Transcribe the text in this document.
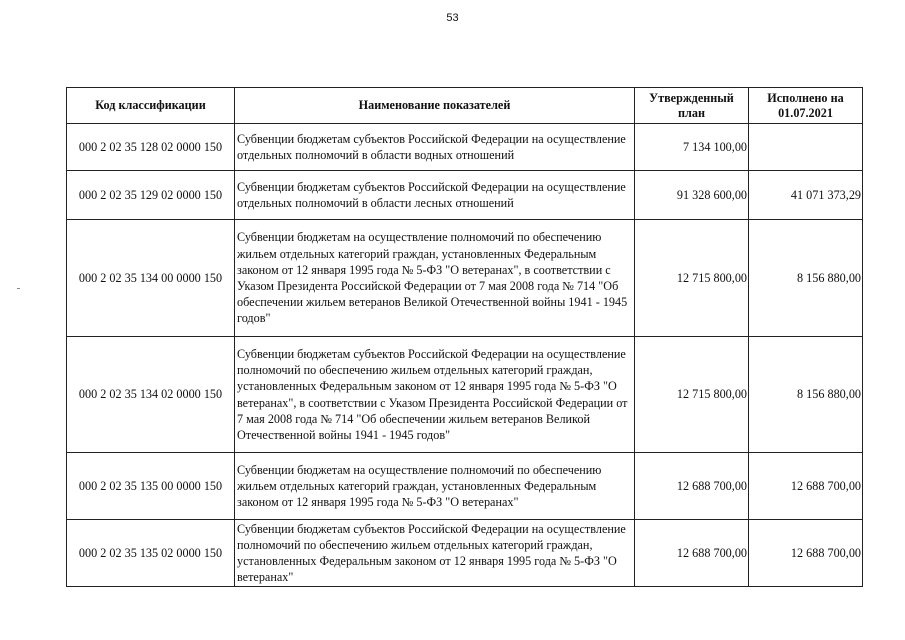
53
Код классификации	Наименование показателей	Утвержденный план	Исполнено на 01.07.2021
000 2 02 35 128 02 0000 150	Субвенции бюджетам субъектов Российской Федерации на осуществление отдельных полномочий в области водных отношений	7 134 100,00	
000 2 02 35 129 02 0000 150	Субвенции бюджетам субъектов Российской Федерации на осуществление отдельных полномочий в области лесных отношений	91 328 600,00	41 071 373,29
000 2 02 35 134 00 0000 150	Субвенции бюджетам на осуществление полномочий по обеспечению жильем отдельных категорий граждан, установленных Федеральным законом от 12 января 1995 года № 5-ФЗ "О ветеранах", в соответствии с Указом Президента Российской Федерации от 7 мая 2008 года № 714 "Об обеспечении жильем ветеранов Великой Отечественной войны 1941 - 1945 годов"	12 715 800,00	8 156 880,00
000 2 02 35 134 02 0000 150	Субвенции бюджетам субъектов Российской Федерации на осуществление полномочий по обеспечению жильем отдельных категорий граждан, установленных Федеральным законом от 12 января 1995 года № 5-ФЗ "О ветеранах", в соответствии с Указом Президента Российской Федерации от 7 мая 2008 года № 714 "Об обеспечении жильем ветеранов Великой Отечественной войны 1941 - 1945 годов"	12 715 800,00	8 156 880,00
000 2 02 35 135 00 0000 150	Субвенции бюджетам на осуществление полномочий по обеспечению жильем отдельных категорий граждан, установленных Федеральным законом от 12 января 1995 года № 5-ФЗ "О ветеранах"	12 688 700,00	12 688 700,00
000 2 02 35 135 02 0000 150	Субвенции бюджетам субъектов Российской Федерации на осуществление полномочий по обеспечению жильем отдельных категорий граждан, установленных Федеральным законом от 12 января 1995 года № 5-ФЗ "О ветеранах"	12 688 700,00	12 688 700,00
